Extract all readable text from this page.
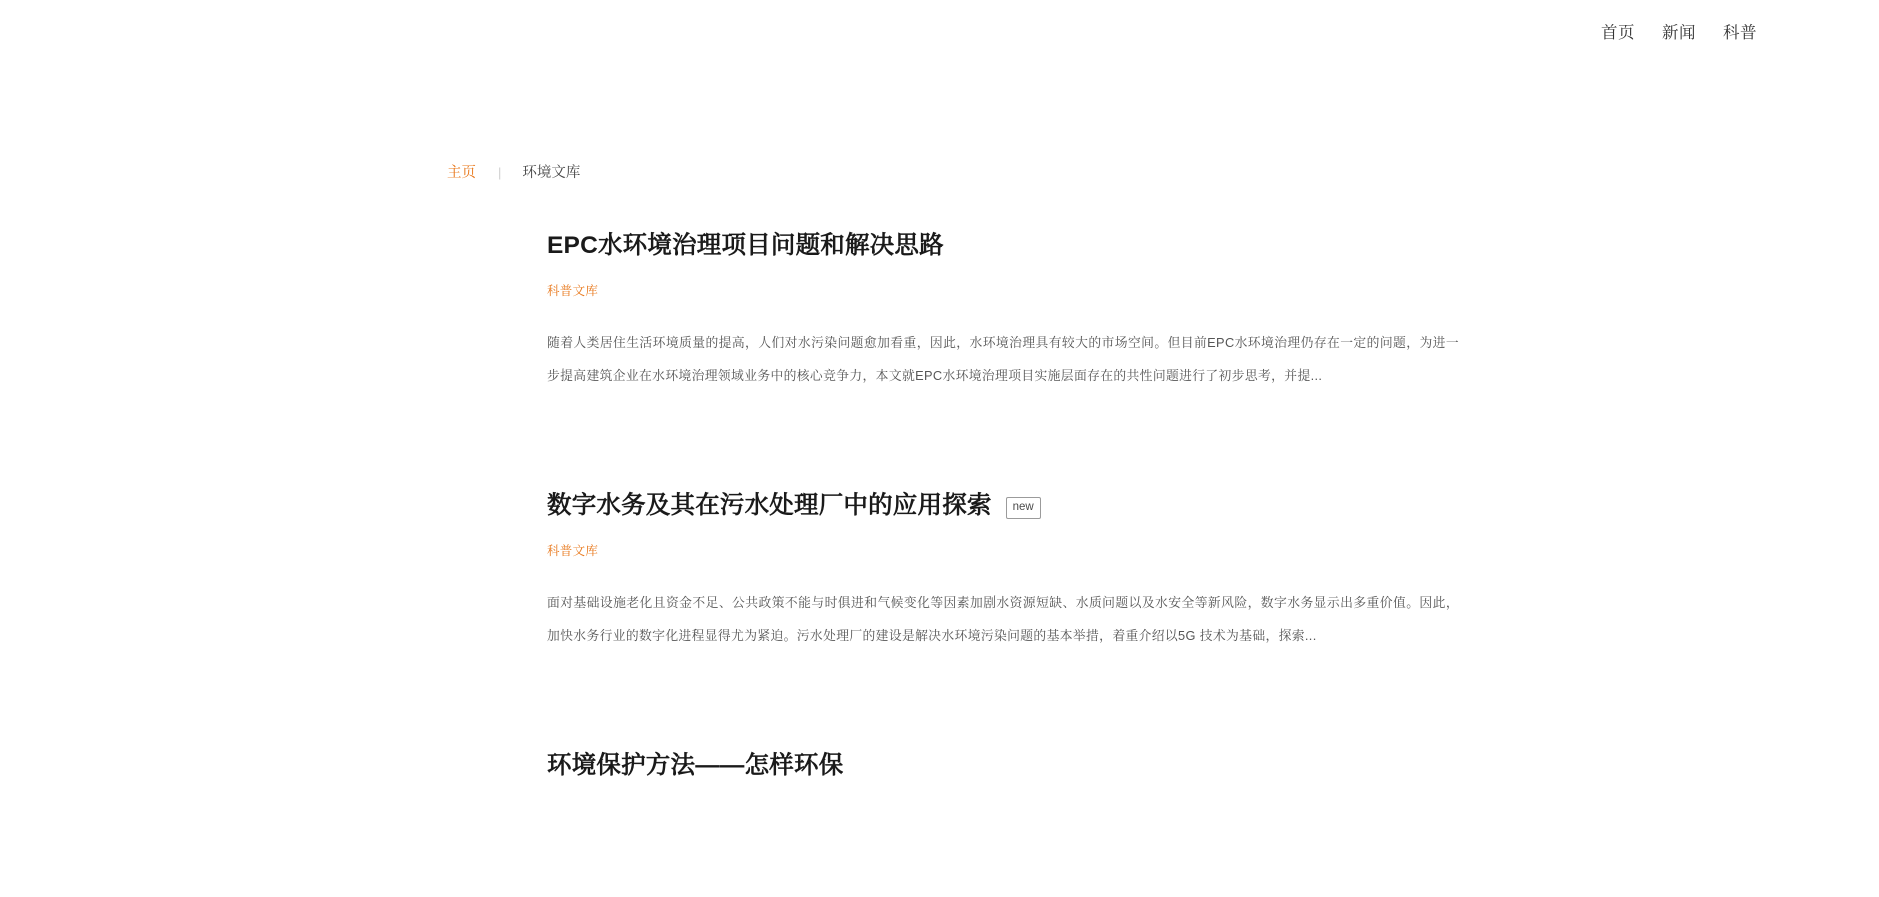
首页 新闻 科普
主页 | 环境文库
EPC水环境治理项目问题和解决思路
科普文库
随着人类居住生活环境质量的提高，人们对水污染问题愈加看重，因此，水环境治理具有较大的市场空间。但目前EPC水环境治理仍存在一定的问题，为进一步提高建筑企业在水环境治理领域业务中的核心竞争力，本文就EPC水环境治理项目实施层面存在的共性问题进行了初步思考，并提...
数字水务及其在污水处理厂中的应用探索	new
科普文库
面对基础设施老化且资金不足、公共政策不能与时俱进和气候变化等因素加剧水资源短缺、水质问题以及水安全等新风险，数字水务显示出多重价值。因此，加快水务行业的数字化进程显得尤为紧迫。污水处理厂的建设是解决水环境污染问题的基本举措，着重介绍以5G 技术为基础，探索...
环境保护方法——怎样环保
